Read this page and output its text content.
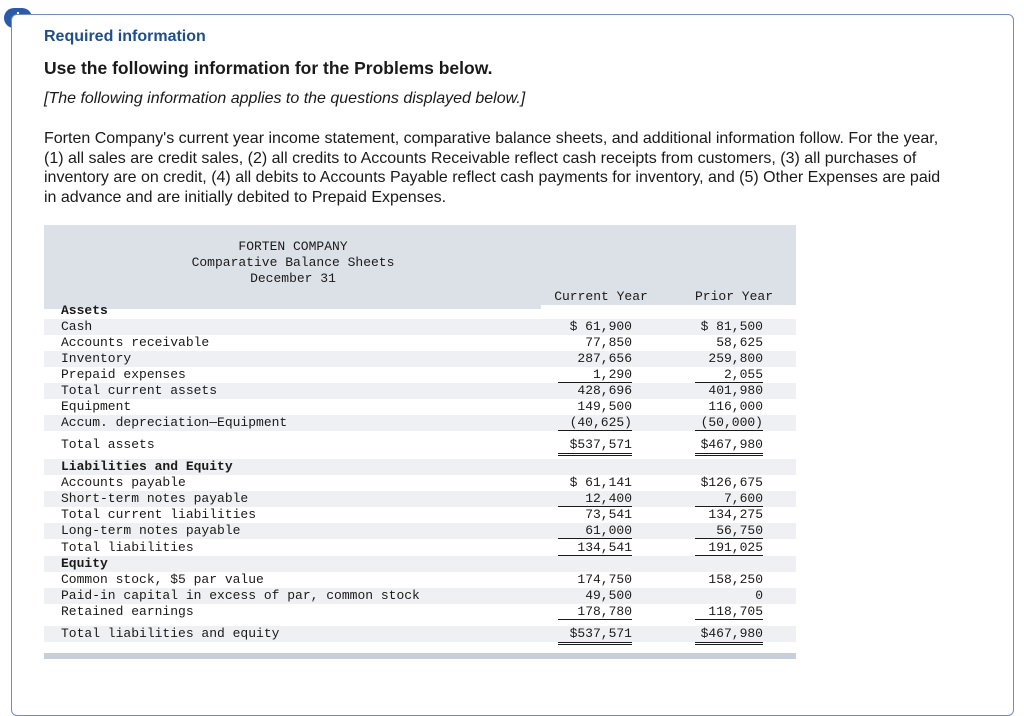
Required information
Use the following information for the Problems below.

[The following information applies to the questions displayed below.]

Forten Company's current year income statement, comparative balance sheets, and additional information follow. For the year, (1) all sales are credit sales, (2) all credits to Accounts Receivable reflect cash receipts from customers, (3) all purchases of inventory are on credit, (4) all debits to Accounts Payable reflect cash payments for inventory, and (5) Other Expenses are paid in advance and are initially debited to Prepaid Expenses.

FORTEN COMPANY
Comparative Balance Sheets
December 31
Current Year	Prior Year
Assets
Cash	$ 61,900	$ 81,500
Accounts receivable	77,850	58,625
Inventory	287,656	259,800
Prepaid expenses	1,290	2,055
Total current assets	428,696	401,980
Equipment	149,500	116,000
Accum. depreciation—Equipment	(40,625)	(50,000)
Total assets	$537,571	$467,980
Liabilities and Equity
Accounts payable	$ 61,141	$126,675
Short-term notes payable	12,400	7,600
Total current liabilities	73,541	134,275
Long-term notes payable	61,000	56,750
Total liabilities	134,541	191,025
Equity
Common stock, $5 par value	174,750	158,250
Paid-in capital in excess of par, common stock	49,500	0
Retained earnings	178,780	118,705
Total liabilities and equity	$537,571	$467,980
